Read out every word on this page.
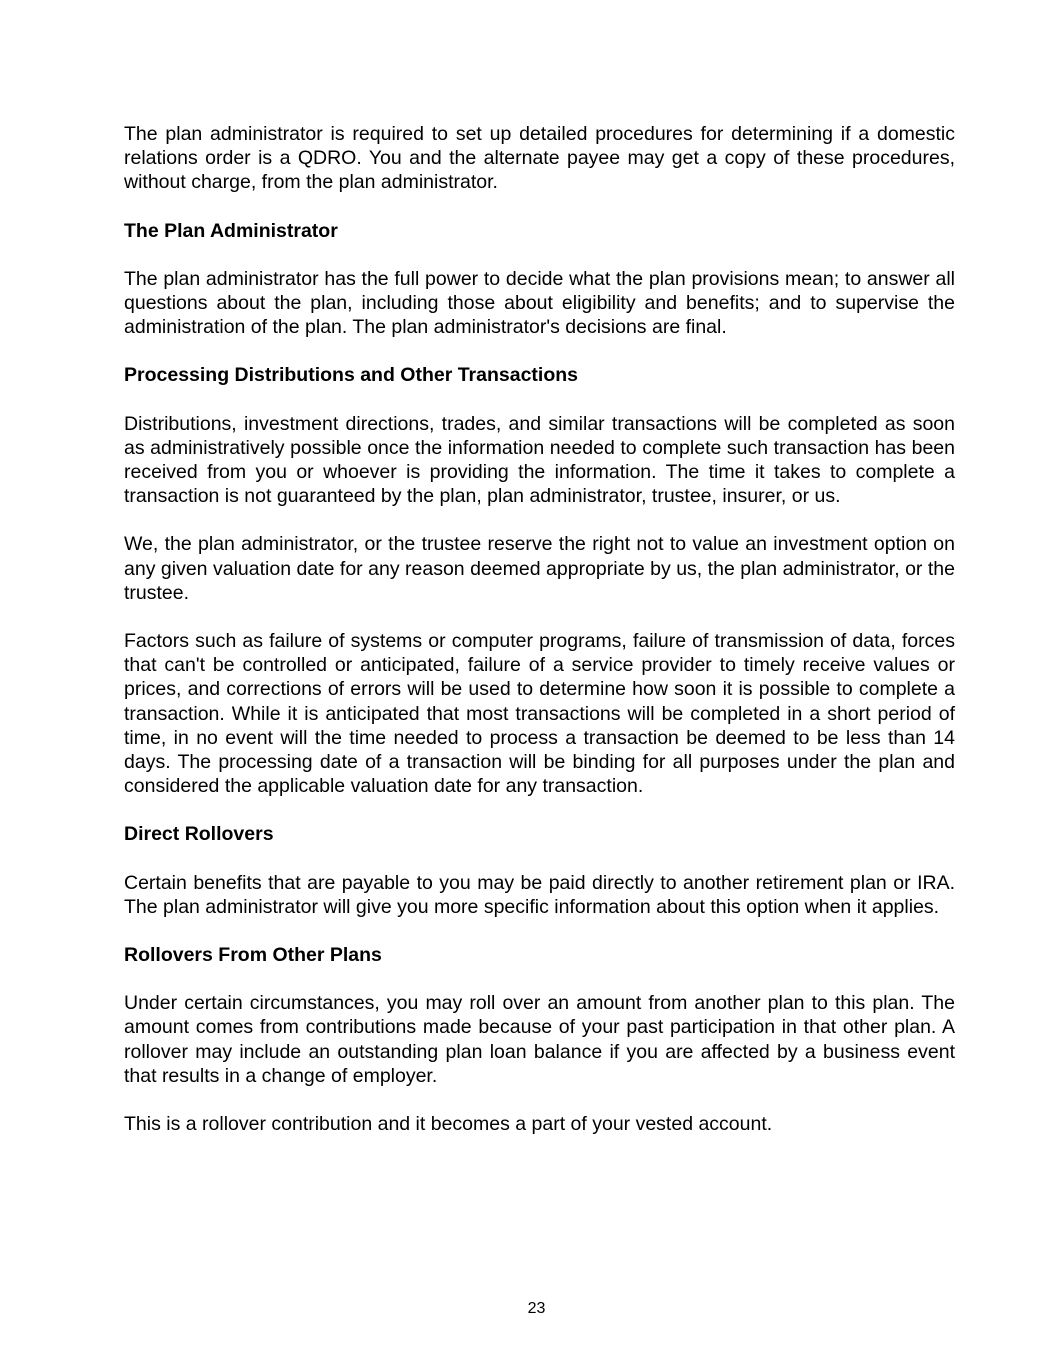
The plan administrator is required to set up detailed procedures for determining if a domestic relations order is a QDRO. You and the alternate payee may get a copy of these procedures, without charge, from the plan administrator.

The Plan Administrator

The plan administrator has the full power to decide what the plan provisions mean; to answer all questions about the plan, including those about eligibility and benefits; and to supervise the administration of the plan. The plan administrator's decisions are final.

Processing Distributions and Other Transactions

Distributions, investment directions, trades, and similar transactions will be completed as soon as administratively possible once the information needed to complete such transaction has been received from you or whoever is providing the information. The time it takes to complete a transaction is not guaranteed by the plan, plan administrator, trustee, insurer, or us.

We, the plan administrator, or the trustee reserve the right not to value an investment option on any given valuation date for any reason deemed appropriate by us, the plan administrator, or the trustee.

Factors such as failure of systems or computer programs, failure of transmission of data, forces that can't be controlled or anticipated, failure of a service provider to timely receive values or prices, and corrections of errors will be used to determine how soon it is possible to complete a transaction. While it is anticipated that most transactions will be completed in a short period of time, in no event will the time needed to process a transaction be deemed to be less than 14 days. The processing date of a transaction will be binding for all purposes under the plan and considered the applicable valuation date for any transaction.

Direct Rollovers

Certain benefits that are payable to you may be paid directly to another retirement plan or IRA. The plan administrator will give you more specific information about this option when it applies.

Rollovers From Other Plans

Under certain circumstances, you may roll over an amount from another plan to this plan. The amount comes from contributions made because of your past participation in that other plan. A rollover may include an outstanding plan loan balance if you are affected by a business event that results in a change of employer.

This is a rollover contribution and it becomes a part of your vested account.

23
